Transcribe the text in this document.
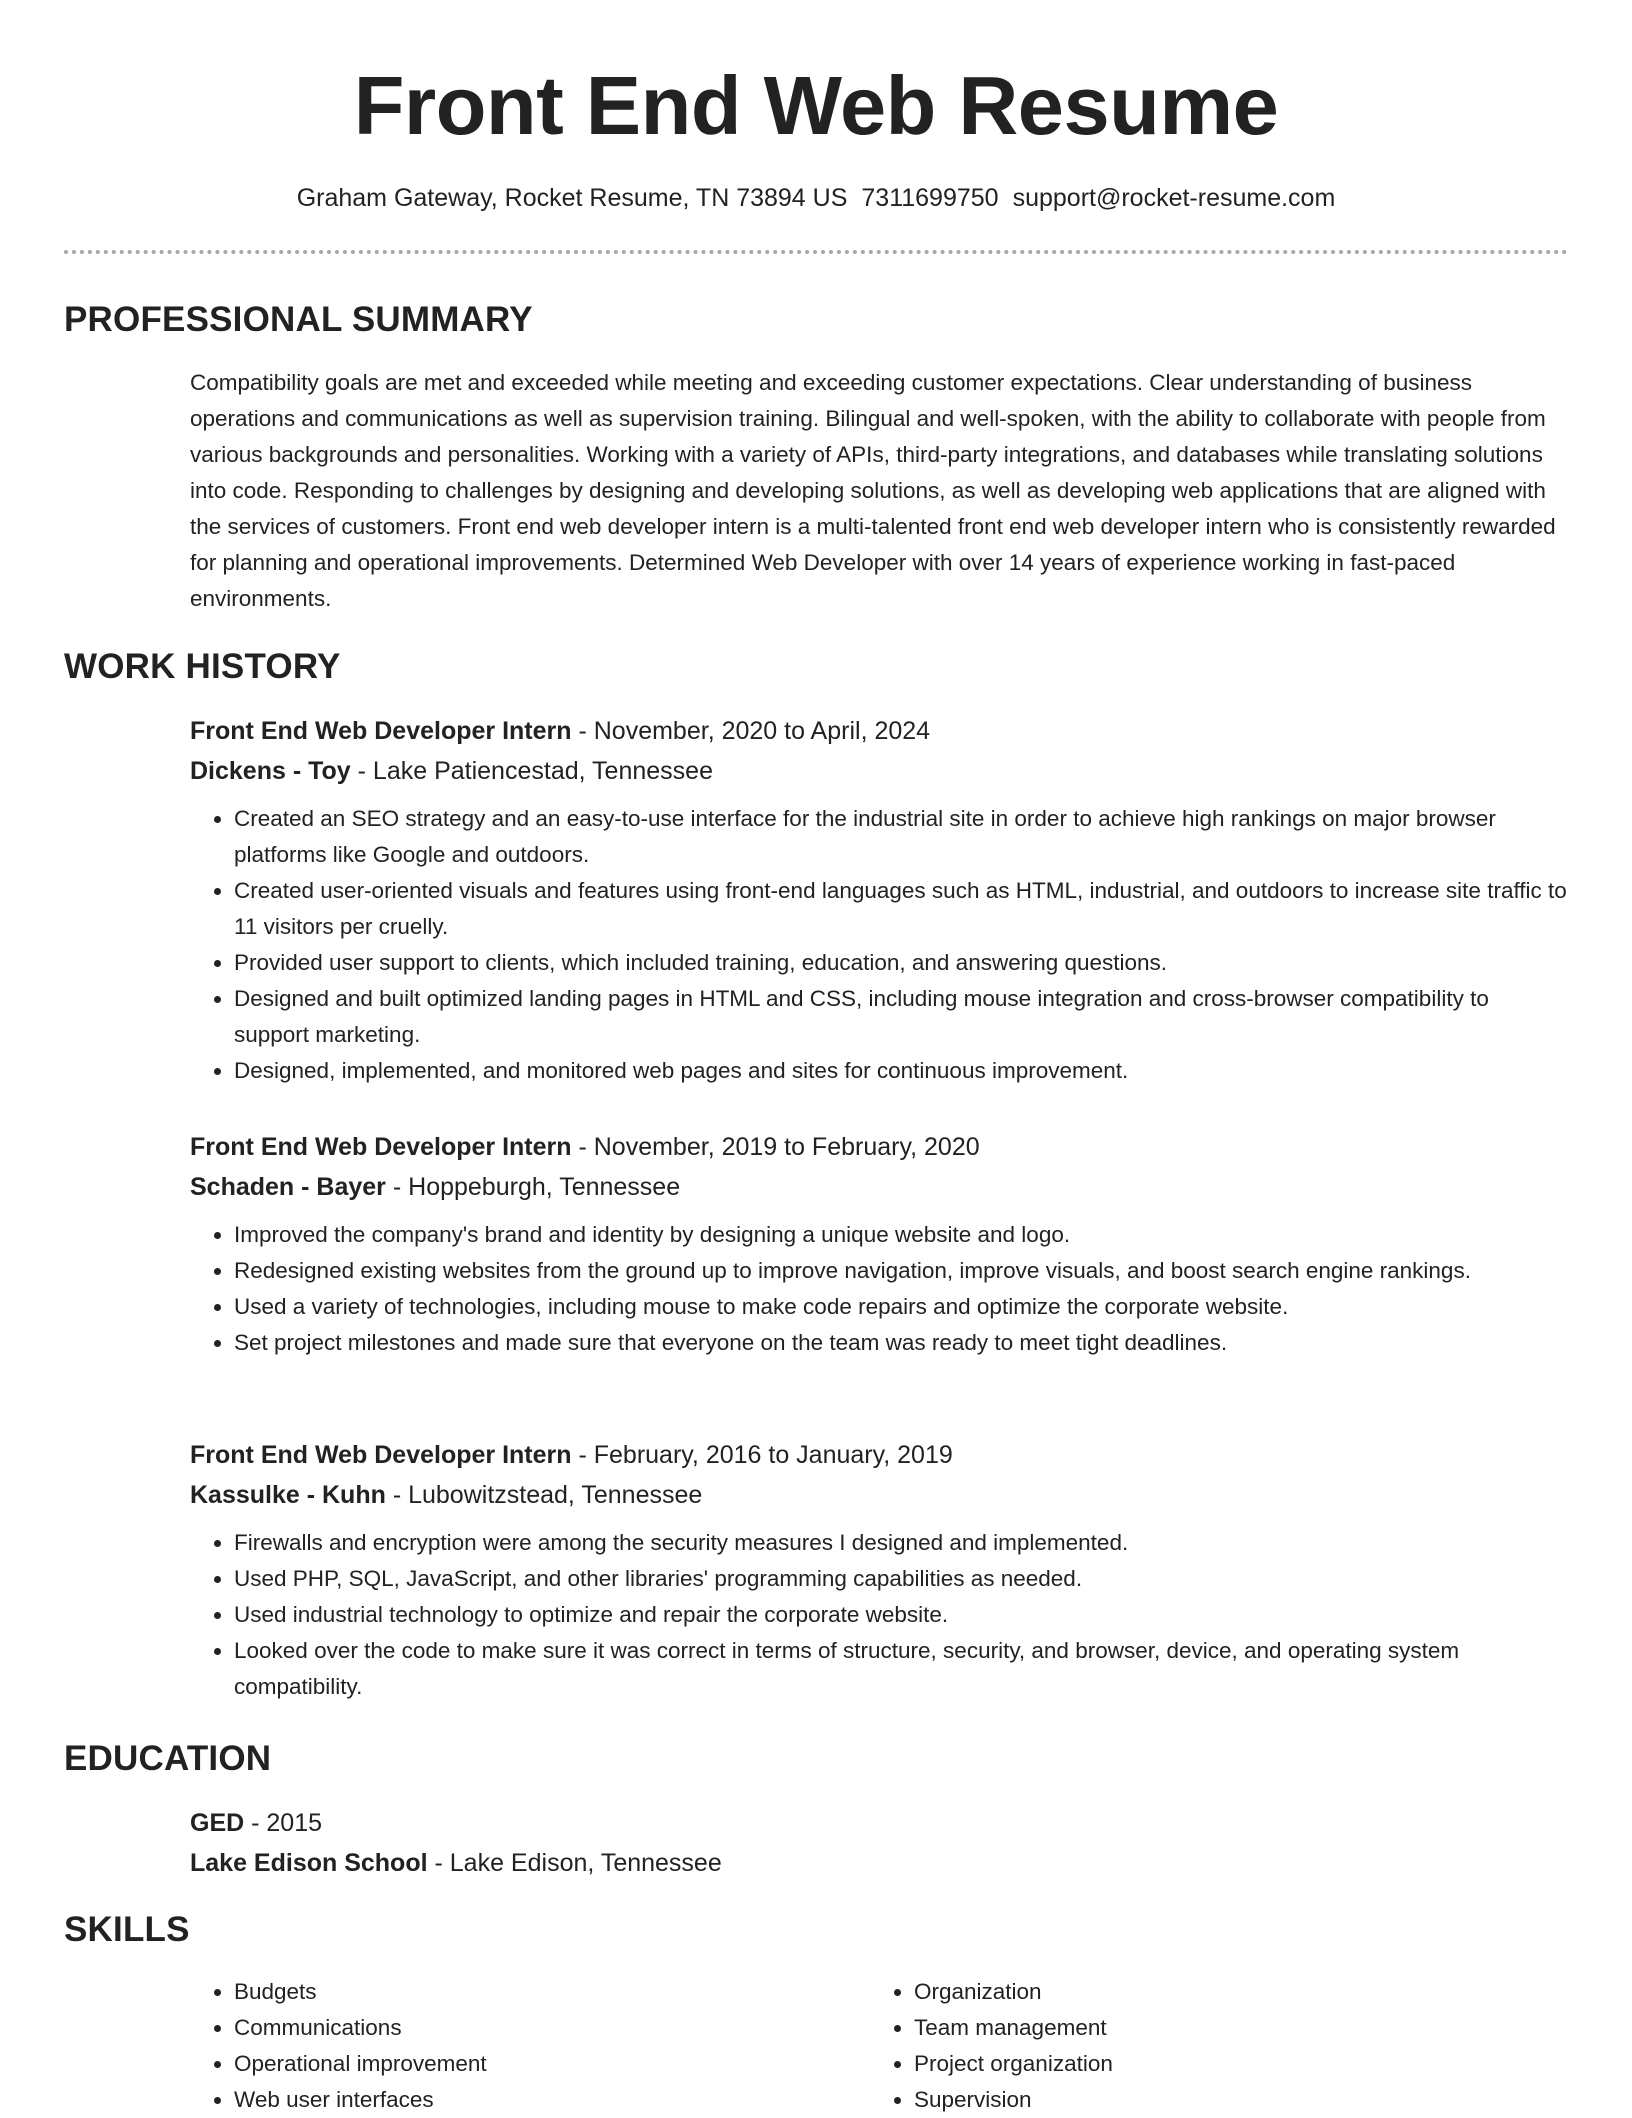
Front End Web Resume
Graham Gateway, Rocket Resume, TN 73894 US 7311699750 support@rocket-resume.com
PROFESSIONAL SUMMARY

Compatibility goals are met and exceeded while meeting and exceeding customer expectations. Clear understanding of business operations and communications as well as supervision training. Bilingual and well-spoken, with the ability to collaborate with people from various backgrounds and personalities. Working with a variety of APIs, third-party integrations, and databases while translating solutions into code. Responding to challenges by designing and developing solutions, as well as developing web applications that are aligned with the services of customers. Front end web developer intern is a multi-talented front end web developer intern who is consistently rewarded for planning and operational improvements. Determined Web Developer with over 14 years of experience working in fast-paced environments.

WORK HISTORY
Front End Web Developer Intern - November, 2020 to April, 2024
Dickens - Toy - Lake Patiencestad, Tennessee
• Created an SEO strategy and an easy-to-use interface for the industrial site in order to achieve high rankings on major browser platforms like Google and outdoors.
• Created user-oriented visuals and features using front-end languages such as HTML, industrial, and outdoors to increase site traffic to 11 visitors per cruelly.
• Provided user support to clients, which included training, education, and answering questions.
• Designed and built optimized landing pages in HTML and CSS, including mouse integration and cross-browser compatibility to support marketing.
• Designed, implemented, and monitored web pages and sites for continuous improvement.
Front End Web Developer Intern - November, 2019 to February, 2020
Schaden - Bayer - Hoppeburgh, Tennessee
• Improved the company's brand and identity by designing a unique website and logo.
• Redesigned existing websites from the ground up to improve navigation, improve visuals, and boost search engine rankings.
• Used a variety of technologies, including mouse to make code repairs and optimize the corporate website.
• Set project milestones and made sure that everyone on the team was ready to meet tight deadlines.
Front End Web Developer Intern - February, 2016 to January, 2019
Kassulke - Kuhn - Lubowitzstead, Tennessee
• Firewalls and encryption were among the security measures I designed and implemented.
• Used PHP, SQL, JavaScript, and other libraries' programming capabilities as needed.
• Used industrial technology to optimize and repair the corporate website.
• Looked over the code to make sure it was correct in terms of structure, security, and browser, device, and operating system compatibility.
EDUCATION
GED - 2015
Lake Edison School - Lake Edison, Tennessee
SKILLS
• Budgets
• Communications
• Operational improvement
• Web user interfaces
• Organization
• Team management
• Project organization
• Supervision
